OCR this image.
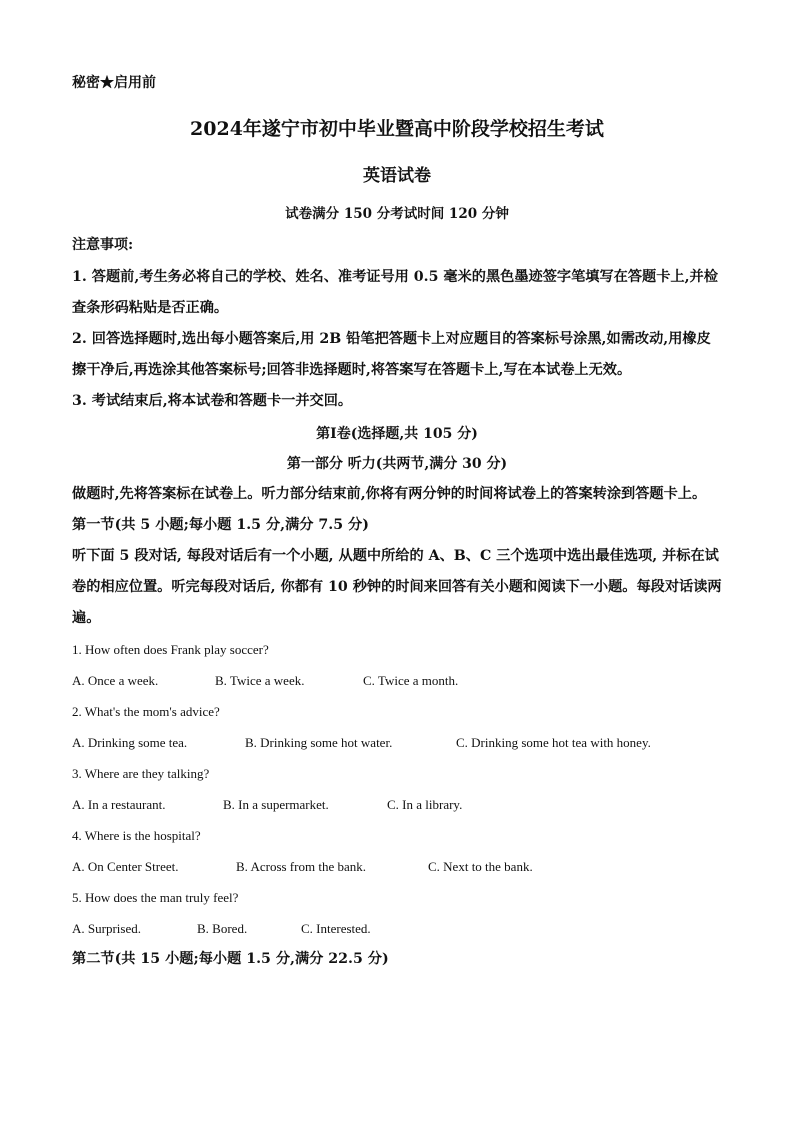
秘密★启用前

2024年遂宁市初中毕业暨高中阶段学校招生考试

英语试卷

试卷满分 150 分考试时间 120 分钟

注意事项:

1. 答题前,考生务必将自己的学校、姓名、准考证号用 0.5 毫米的黑色墨迹签字笔填写在答题卡上,并检查条形码粘贴是否正确。

2. 回答选择题时,选出每小题答案后,用 2B 铅笔把答题卡上对应题目的答案标号涂黑,如需改动,用橡皮擦干净后,再选涂其他答案标号;回答非选择题时,将答案写在答题卡上,写在本试卷上无效。

3. 考试结束后,将本试卷和答题卡一并交回。

第Ⅰ卷(选择题,共 105 分)

第一部分 听力(共两节,满分 30 分)

做题时,先将答案标在试卷上。听力部分结束前,你将有两分钟的时间将试卷上的答案转涂到答题卡上。

第一节(共 5 小题;每小题 1.5 分,满分 7.5 分)

听下面 5 段对话, 每段对话后有一个小题, 从题中所给的 A、B、C 三个选项中选出最佳选项, 并标在试卷的相应位置。听完每段对话后, 你都有 10 秒钟的时间来回答有关小题和阅读下一小题。每段对话读两遍。

1. How often does Frank play soccer?

A. Once a week.	B. Twice a week.	C. Twice a month.

2. What's the mom's advice?

A. Drinking some tea.	B. Drinking some hot water.	C. Drinking some hot tea with honey.

3. Where are they talking?

A. In a restaurant.	B. In a supermarket.	C. In a library.

4. Where is the hospital?

A. On Center Street.	B. Across from the bank.	C. Next to the bank.

5. How does the man truly feel?

A. Surprised.	B. Bored.	C. Interested.

第二节(共 15 小题;每小题 1.5 分,满分 22.5 分)
